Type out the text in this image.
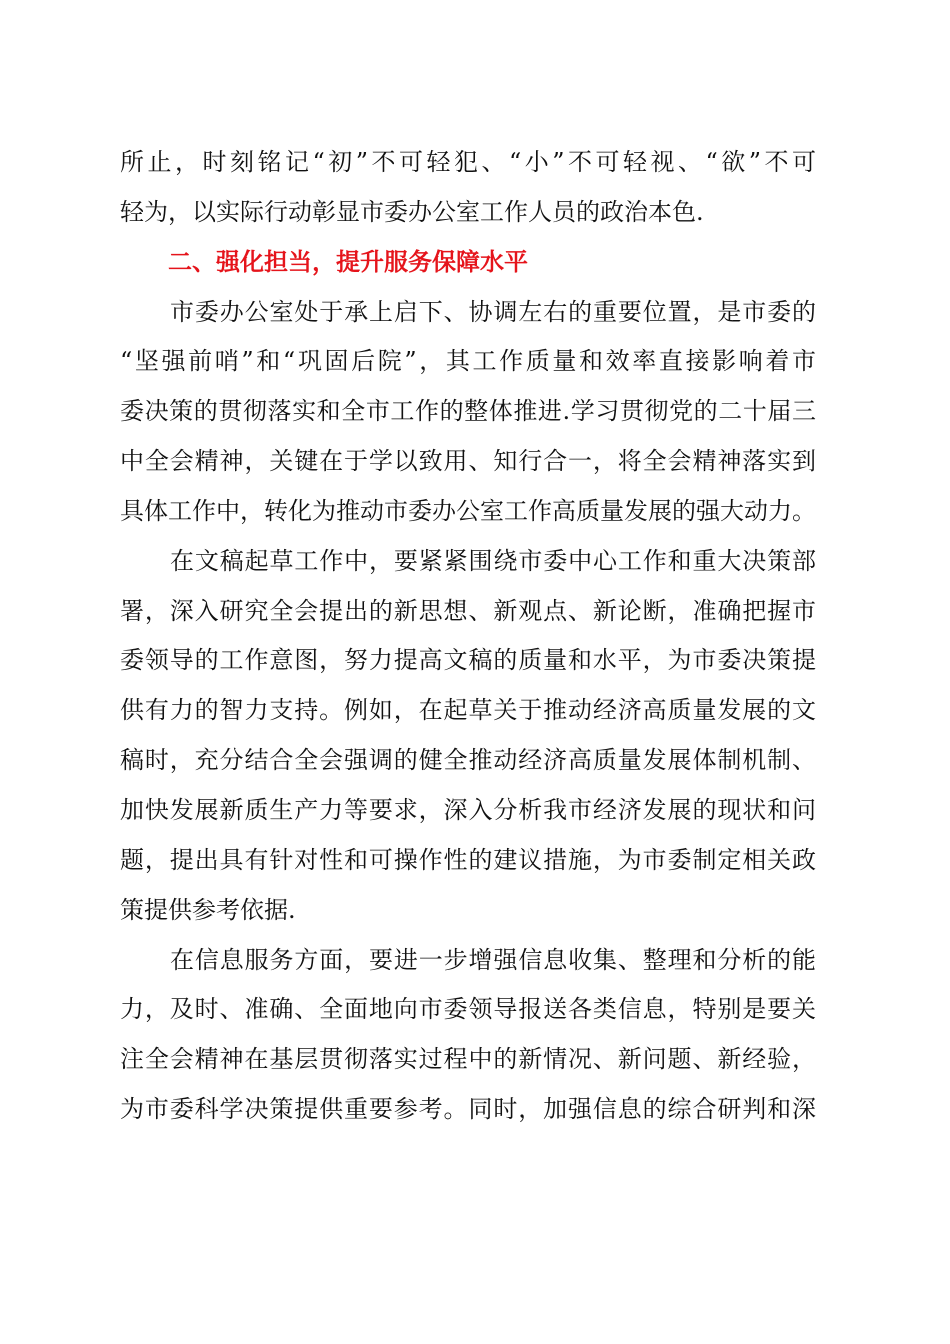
所止，时刻铭记“初”不可轻犯、“小”不可轻视、“欲”不可
轻为，以实际行动彰显市委办公室工作人员的政治本色.
二、强化担当，提升服务保障水平
市委办公室处于承上启下、协调左右的重要位置，是市委的
“坚强前哨”和“巩固后院”，其工作质量和效率直接影响着市
委决策的贯彻落实和全市工作的整体推进.学习贯彻党的二十届三
中全会精神，关键在于学以致用、知行合一，将全会精神落实到
具体工作中，转化为推动市委办公室工作高质量发展的强大动力。
在文稿起草工作中，要紧紧围绕市委中心工作和重大决策部
署，深入研究全会提出的新思想、新观点、新论断，准确把握市
委领导的工作意图，努力提高文稿的质量和水平，为市委决策提
供有力的智力支持。例如，在起草关于推动经济高质量发展的文
稿时，充分结合全会强调的健全推动经济高质量发展体制机制、
加快发展新质生产力等要求，深入分析我市经济发展的现状和问
题，提出具有针对性和可操作性的建议措施，为市委制定相关政
策提供参考依据.
在信息服务方面，要进一步增强信息收集、整理和分析的能
力，及时、准确、全面地向市委领导报送各类信息，特别是要关
注全会精神在基层贯彻落实过程中的新情况、新问题、新经验，
为市委科学决策提供重要参考。同时，加强信息的综合研判和深
